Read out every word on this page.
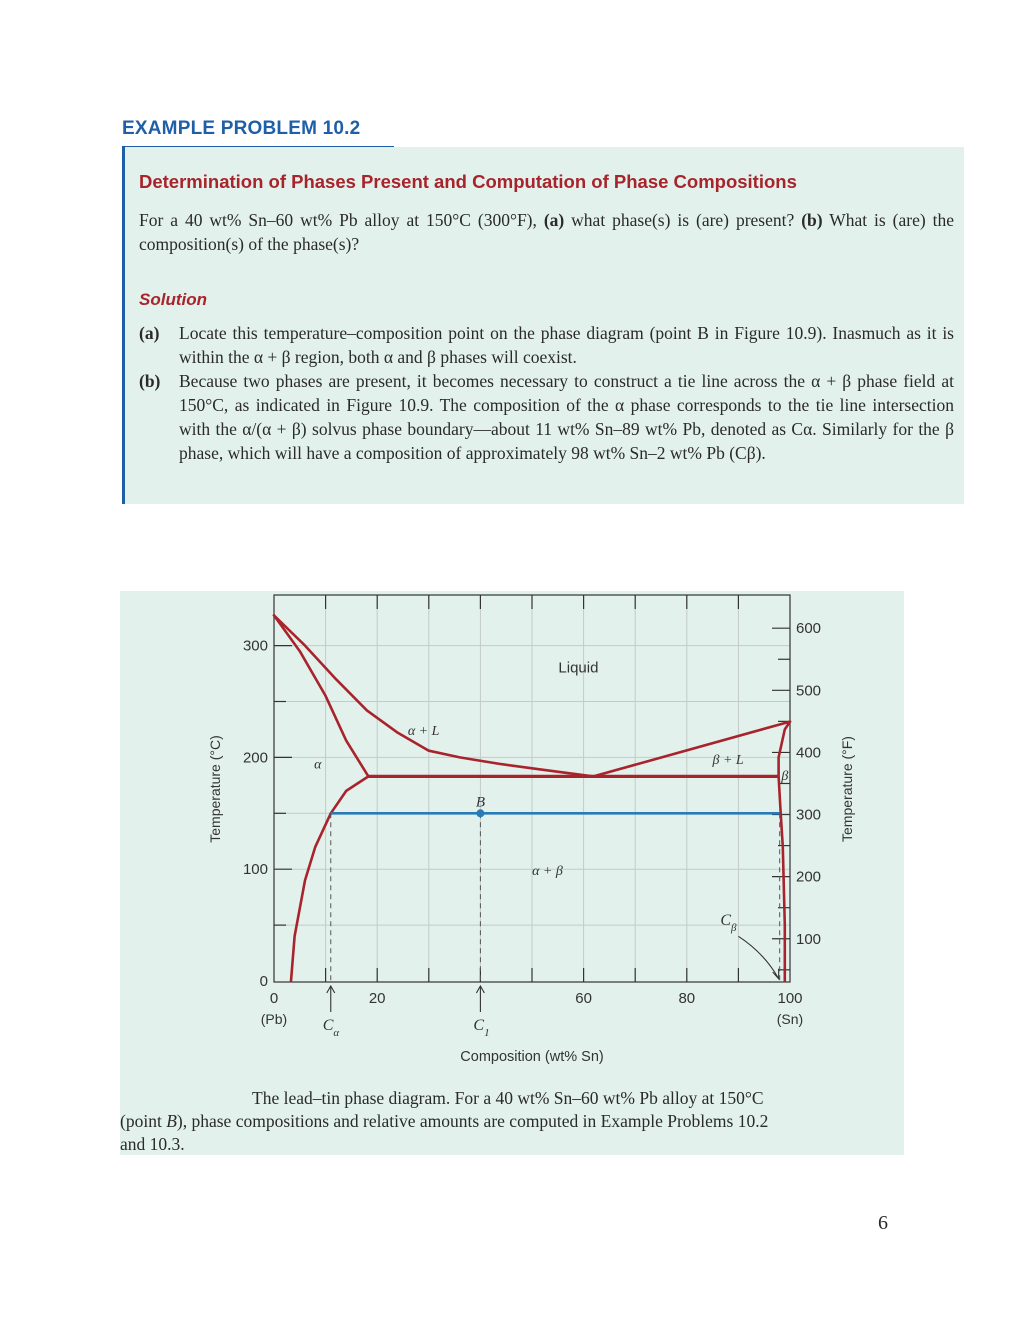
EXAMPLE PROBLEM 10.2
Determination of Phases Present and Computation of Phase Compositions
For a 40 wt% Sn–60 wt% Pb alloy at 150°C (300°F), (a) what phase(s) is (are) present? (b) What is (are) the composition(s) of the phase(s)?
Solution
(a) Locate this temperature–composition point on the phase diagram (point B in Figure 10.9). Inasmuch as it is within the α + β region, both α and β phases will coexist.
(b) Because two phases are present, it becomes necessary to construct a tie line across the α + β phase field at 150°C, as indicated in Figure 10.9. The composition of the α phase corresponds to the tie line intersection with the α/(α + β) solvus phase boundary—about 11 wt% Sn–89 wt% Pb, denoted as Cα. Similarly for the β phase, which will have a composition of approximately 98 wt% Sn–2 wt% Pb (Cβ).
0	20	60	80	100
(Pb)	(Sn)
0
100
200
300
100
200
300
400
500
600
Composition (wt% Sn)
Temperature (°C)	Temperature (°F)
$C_\alpha$	$C_1$
$C_\beta$
Liquid
α + L
β + L
α
β
α + β
B
The lead–tin phase diagram. For a 40 wt% Sn–60 wt% Pb alloy at 150°C
(point B), phase compositions and relative amounts are computed in Example Problems 10.2
and 10.3.
6
